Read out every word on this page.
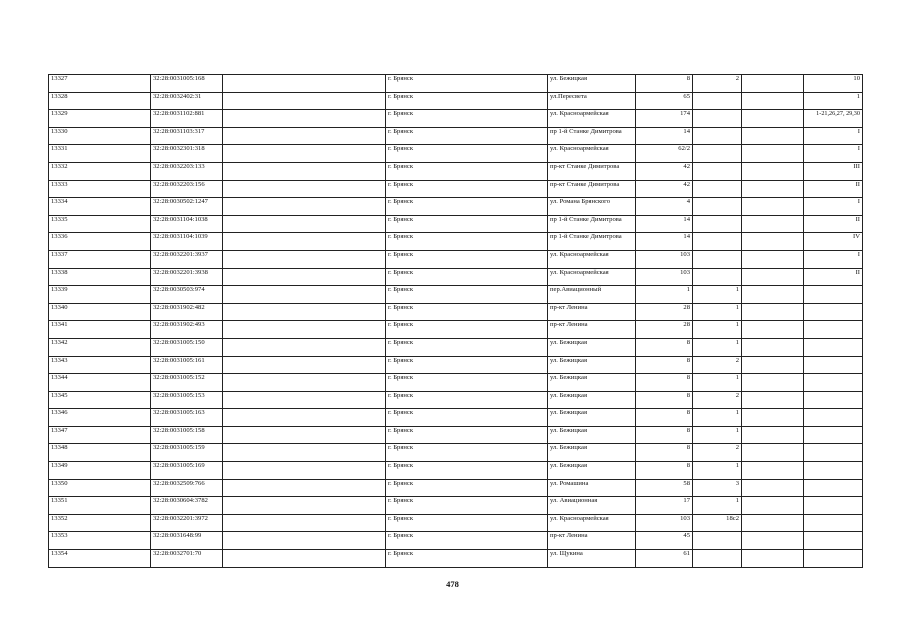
13327	32:28:0031005:168		г. Брянск	ул. Бежицкая	8	2		10
13328	32:28:0032402:31		г. Брянск	ул.Пересвета	65			1
13329	32:28:0031102:881		г. Брянск	ул. Красноармейская	174			1-21,26,27, 29,30
13330	32:28:0031103:317		г. Брянск	пр 1-й Станке Димитрова	14			I
13331	32:28:0032301:318		г. Брянск	ул. Красноармейская	62/2			I
13332	32:28:0032203:133		г. Брянск	пр-кт Станке Димитрова	42			III
13333	32:28:0032203:156		г. Брянск	пр-кт Станке Димитрова	42			II
13334	32:28:0030502:1247		г. Брянск	ул. Романа Брянского	4			I
13335	32:28:0031104:1038		г. Брянск	пр 1-й Станке Димитрова	14			II
13336	32:28:0031104:1039		г. Брянск	пр 1-й Станке Димитрова	14			IV
13337	32:28:0032201:3937		г. Брянск	ул. Красноармейская	103			I
13338	32:28:0032201:3938		г. Брянск	ул. Красноармейская	103			II
13339	32:28:0030503:974		г. Брянск	пер.Авиационный	1	1		
13340	32:28:0031902:482		г. Брянск	пр-кт Ленина	28	1		
13341	32:28:0031902:493		г. Брянск	пр-кт Ленина	28	1		
13342	32:28:0031005:150		г. Брянск	ул. Бежицкая	8	1		
13343	32:28:0031005:161		г. Брянск	ул. Бежицкая	8	2		
13344	32:28:0031005:152		г. Брянск	ул. Бежицкая	8	1		
13345	32:28:0031005:153		г. Брянск	ул. Бежицкая	8	2		
13346	32:28:0031005:163		г. Брянск	ул. Бежицкая	8	1		
13347	32:28:0031005:158		г. Брянск	ул. Бежицкая	8	1		
13348	32:28:0031005:159		г. Брянск	ул. Бежицкая	8	2		
13349	32:28:0031005:169		г. Брянск	ул. Бежицкая	8	1		
13350	32:28:0032509:766		г. Брянск	ул. Ромашина	58	3		
13351	32:28:0030604:3782		г. Брянск	ул. Авиационная	17	1		
13352	32:28:0032201:3972		г. Брянск	ул. Красноармейская	103	18с2		
13353	32:28:0031648:99		г. Брянск	пр-кт Ленина	45			
13354	32:28:0032701:70		г. Брянск	ул. Щукина	61			
478
